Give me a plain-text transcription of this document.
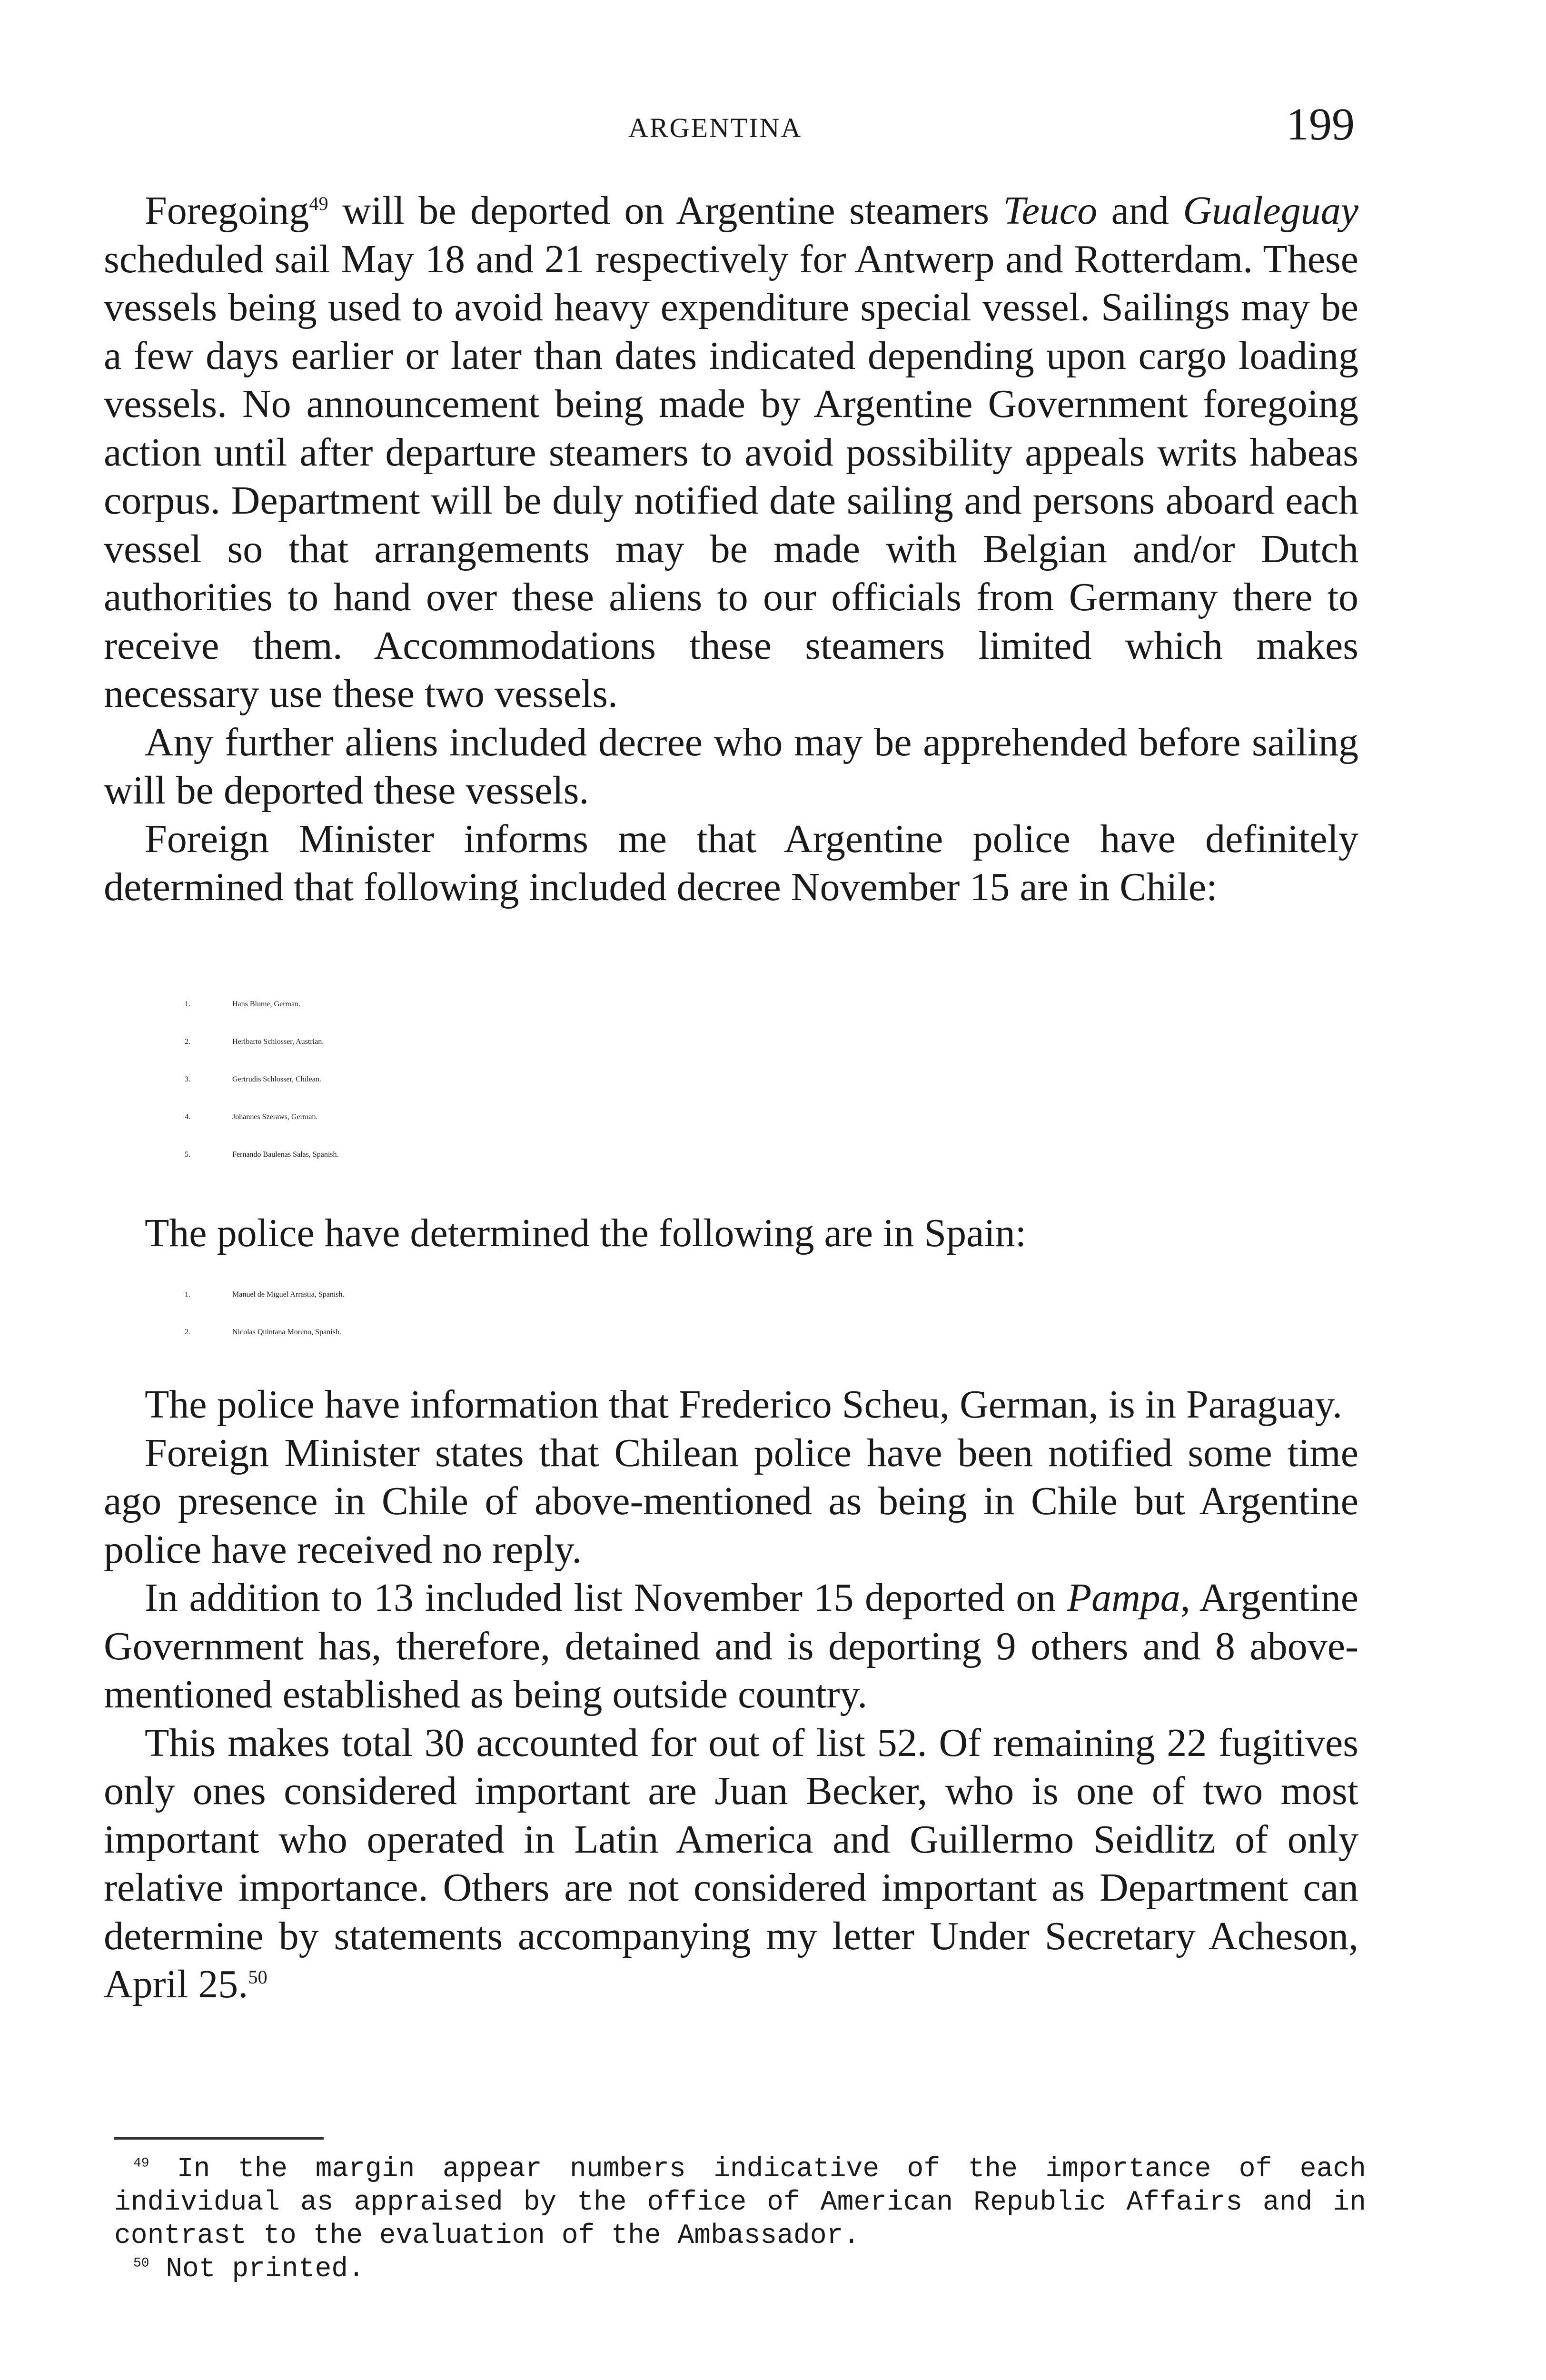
ARGENTINA	199

Foregoing$^{49}$ will be deported on Argentine steamers Teuco and Gualeguay scheduled sail May 18 and 21 respectively for Antwerp and Rotterdam. These vessels being used to avoid heavy expenditure special vessel. Sailings may be a few days earlier or later than dates indicated depending upon cargo loading vessels. No announcement being made by Argentine Government foregoing action until after departure steamers to avoid possibility appeals writs habeas corpus. Department will be duly notified date sailing and persons aboard each vessel so that arrangements may be made with Belgian and/or Dutch authorities to hand over these aliens to our officials from Germany there to receive them. Accommodations these steamers limited which makes necessary use these two vessels.

Any further aliens included decree who may be apprehended before sailing will be deported these vessels.

Foreign Minister informs me that Argentine police have definitely determined that following included decree November 15 are in Chile:

1.	Hans Blume, German.
2.	Heribarto Schlosser, Austrian.
3.	Gertrudis Schlosser, Chilean.
4.	Johannes Szeraws, German.
5.	Fernando Baulenas Salas, Spanish.

The police have determined the following are in Spain:

1.	Manuel de Miguel Arrastia, Spanish.
2.	Nicolas Quintana Moreno, Spanish.

The police have information that Frederico Scheu, German, is in Paraguay.

Foreign Minister states that Chilean police have been notified some time ago presence in Chile of above-mentioned as being in Chile but Argentine police have received no reply.

In addition to 13 included list November 15 deported on Pampa, Argentine Government has, therefore, detained and is deporting 9 others and 8 above-mentioned established as being outside country.

This makes total 30 accounted for out of list 52. Of remaining 22 fugitives only ones considered important are Juan Becker, who is one of two most important who operated in Latin America and Guillermo Seidlitz of only relative importance. Others are not considered important as Department can determine by statements accompanying my letter Under Secretary Acheson, April 25.50

$^{49}$ In the margin appear numbers indicative of the importance of each individual as appraised by the office of American Republic Affairs and in contrast to the evaluation of the Ambassador.

$^{50}$ Not printed.
